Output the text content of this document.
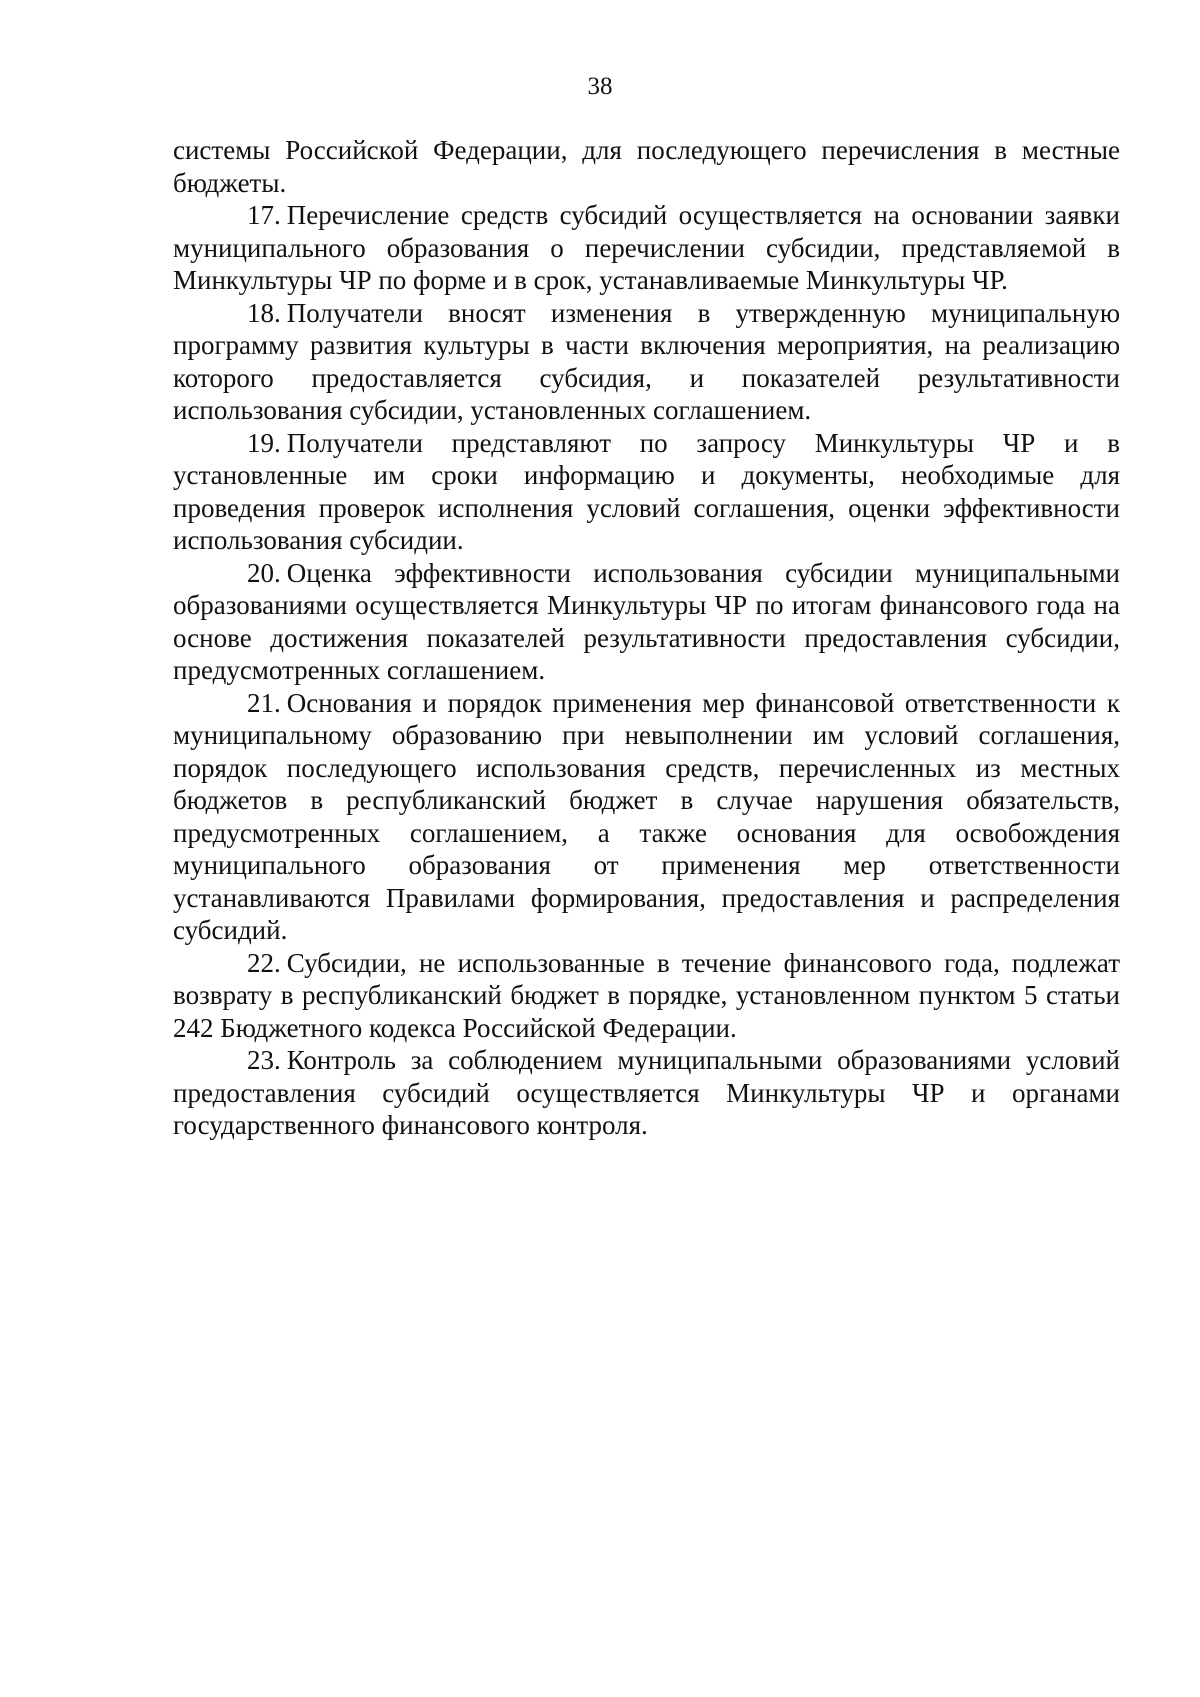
38

системы Российской Федерации, для последующего перечисления в местные бюджеты.

17. Перечисление средств субсидий осуществляется на основании заявки муниципального образования о перечислении субсидии, представляемой в Минкультуры ЧР по форме и в срок, устанавливаемые Минкультуры ЧР.

18. Получатели вносят изменения в утвержденную муниципальную программу развития культуры в части включения мероприятия, на реализацию которого предоставляется субсидия, и показателей результативности использования субсидии, установленных соглашением.

19. Получатели представляют по запросу Минкультуры ЧР и в установленные им сроки информацию и документы, необходимые для проведения проверок исполнения условий соглашения, оценки эффективности использования субсидии.

20. Оценка эффективности использования субсидии муниципальными образованиями осуществляется Минкультуры ЧР по итогам финансового года на основе достижения показателей результативности предоставления субсидии, предусмотренных соглашением.

21. Основания и порядок применения мер финансовой ответственности к муниципальному образованию при невыполнении им условий соглашения, порядок последующего использования средств, перечисленных из местных бюджетов в республиканский бюджет в случае нарушения обязательств, предусмотренных соглашением, а также основания для освобождения муниципального образования от применения мер ответственности устанавливаются Правилами формирования, предоставления и распределения субсидий.

22. Субсидии, не использованные в течение финансового года, подлежат возврату в республиканский бюджет в порядке, установленном пунктом 5 статьи 242 Бюджетного кодекса Российской Федерации.

23. Контроль за соблюдением муниципальными образованиями условий предоставления субсидий осуществляется Минкультуры ЧР и органами государственного финансового контроля.
